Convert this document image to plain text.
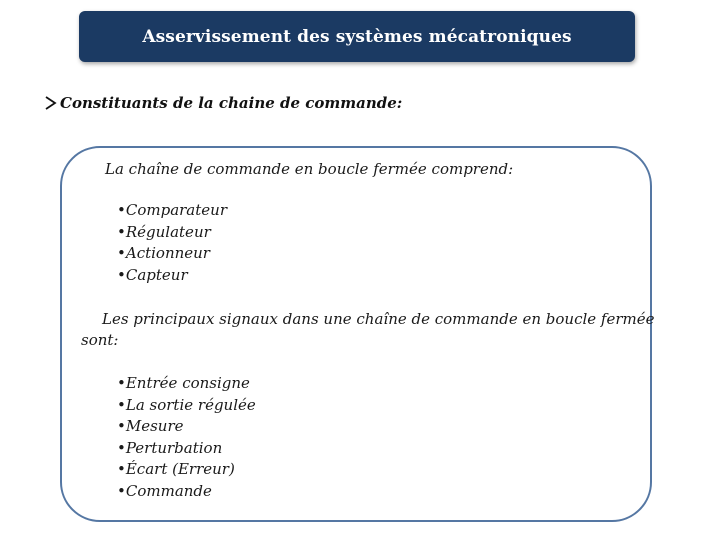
Asservissement des systèmes mécatroniques
Constituants de la chaine de commande:
La chaîne de commande en boucle fermée comprend:
•Comparateur
•Régulateur
•Actionneur
•Capteur
Les principaux signaux dans une chaîne de commande en boucle fermée
sont:
•Entrée consigne
•La sortie régulée
•Mesure
•Perturbation
•Écart (Erreur)
•Commande
